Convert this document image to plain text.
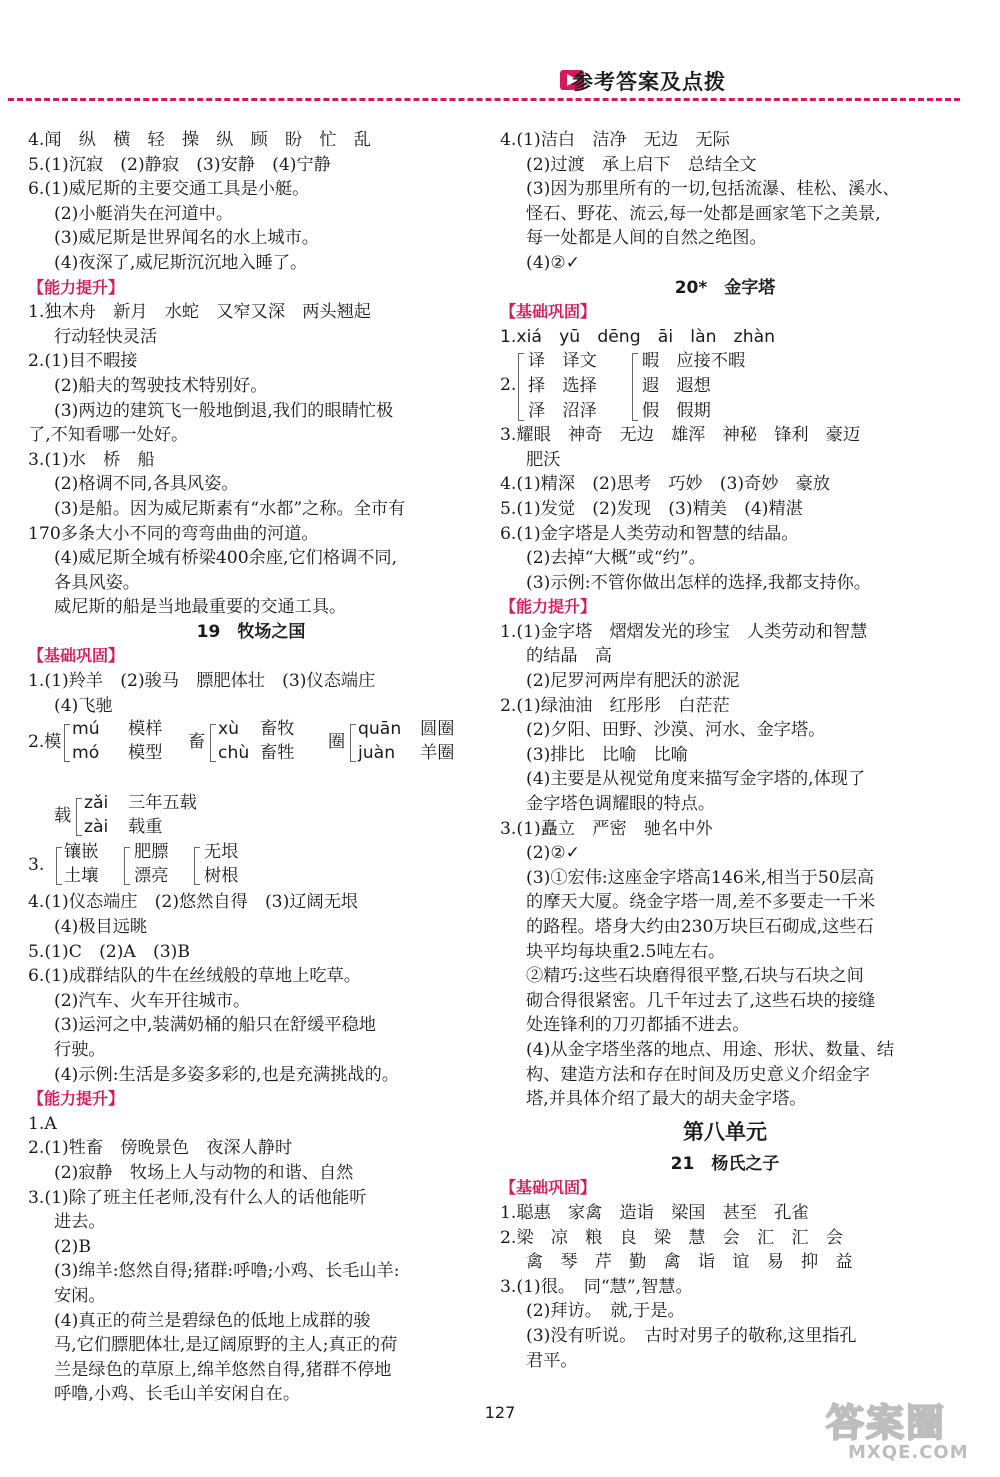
参考答案及点拨
4.闻　纵　横　轻　操　纵　顾　盼　忙　乱
5.(1)沉寂　(2)静寂　(3)安静　(4)宁静
6.(1)威尼斯的主要交通工具是小艇。
(2)小艇消失在河道中。
(3)威尼斯是世界闻名的水上城市。
(4)夜深了,威尼斯沉沉地入睡了。
【能力提升】
1.独木舟　新月　水蛇　又窄又深　两头翘起
行动轻快灵活
2.(1)目不暇接
(2)船夫的驾驶技术特别好。
(3)两边的建筑飞一般地倒退,我们的眼睛忙极
了,不知看哪一处好。
3.(1)水　桥　船
(2)格调不同,各具风姿。
(3)是船。因为威尼斯素有“水都”之称。全市有
170多条大小不同的弯弯曲曲的河道。
(4)威尼斯全城有桥梁400余座,它们格调不同,
各具风姿。
威尼斯的船是当地最重要的交通工具。
19　牧场之国
【基础巩固】
1.(1)羚羊　(2)骏马　膘肥体壮　(3)仪态端庄
(4)飞驰
2. 模
mú 模样
mó 模型
畜
xù 畜牧
chù 畜牲
圈
quān 圆圈
juàn 羊圈
载
zǎi 三年五载
zài 载重
3.
镶嵌
土壤
肥膘
漂亮
无垠
树根
4.(1)仪态端庄　(2)悠然自得　(3)辽阔无垠
(4)极目远眺
5.(1)C　(2)A　(3)B
6.(1)成群结队的牛在丝绒般的草地上吃草。
(2)汽车、火车开往城市。
(3)运河之中,装满奶桶的船只在舒缓平稳地
行驶。
(4)示例:生活是多姿多彩的,也是充满挑战的。
【能力提升】
1.A
2.(1)牲畜　傍晚景色　夜深人静时
(2)寂静　牧场上人与动物的和谐、自然
3.(1)除了班主任老师,没有什么人的话他能听
进去。
(2)B
(3)绵羊:悠然自得;猪群:呼噜;小鸡、长毛山羊:
安闲。
(4)真正的荷兰是碧绿色的低地上成群的骏
马,它们膘肥体壮,是辽阔原野的主人;真正的荷
兰是绿色的草原上,绵羊悠然自得,猪群不停地
呼噜,小鸡、长毛山羊安闲自在。
4.(1)洁白　洁净　无边　无际
(2)过渡　承上启下　总结全文
(3)因为那里所有的一切,包括流瀑、桂松、溪水、
怪石、野花、流云,每一处都是画家笔下之美景,
每一处都是人间的自然之绝图。
(4)②✓
20*　金字塔
【基础巩固】
1.xiá　yū　dēng　āi　làn　zhàn
2.
译　译文
择　选择
泽　沼泽
暇　应接不暇
遐　遐想
假　假期
3.耀眼　神奇　无边　雄浑　神秘　锋利　豪迈
肥沃
4.(1)精深　(2)思考　巧妙　(3)奇妙　豪放
5.(1)发觉　(2)发现　(3)精美　(4)精湛
6.(1)金字塔是人类劳动和智慧的结晶。
(2)去掉“大概”或“约”。
(3)示例:不管你做出怎样的选择,我都支持你。
【能力提升】
1.(1)金字塔　熠熠发光的珍宝　人类劳动和智慧
的结晶　高
(2)尼罗河两岸有肥沃的淤泥
2.(1)绿油油　红彤彤　白茫茫
(2)夕阳、田野、沙漠、河水、金字塔。
(3)排比　比喻　比喻
(4)主要是从视觉角度来描写金字塔的,体现了
金字塔色调耀眼的特点。
3.(1)矗立　严密　驰名中外
(2)②✓
(3)①宏伟:这座金字塔高146米,相当于50层高
的摩天大厦。绕金字塔一周,差不多要走一千米
的路程。塔身大约由230万块巨石砌成,这些石
块平均每块重2.5吨左右。
②精巧:这些石块磨得很平整,石块与石块之间
砌合得很紧密。几千年过去了,这些石块的接缝
处连锋利的刀刃都插不进去。
(4)从金字塔坐落的地点、用途、形状、数量、结
构、建造方法和存在时间及历史意义介绍金字
塔,并具体介绍了最大的胡夫金字塔。
第八单元
21　杨氏之子
【基础巩固】
1.聪惠　家禽　造诣　梁国　甚至　孔雀
2.梁　凉　粮　良　梁　慧　会　汇　汇　会
禽　琴　芹　勤　禽　诣　谊　易　抑　益
3.(1)很。　同“慧”,智慧。
(2)拜访。　就,于是。
(3)没有听说。　古时对男子的敬称,这里指孔
君平。
127	答案圈
MXQE.COM
